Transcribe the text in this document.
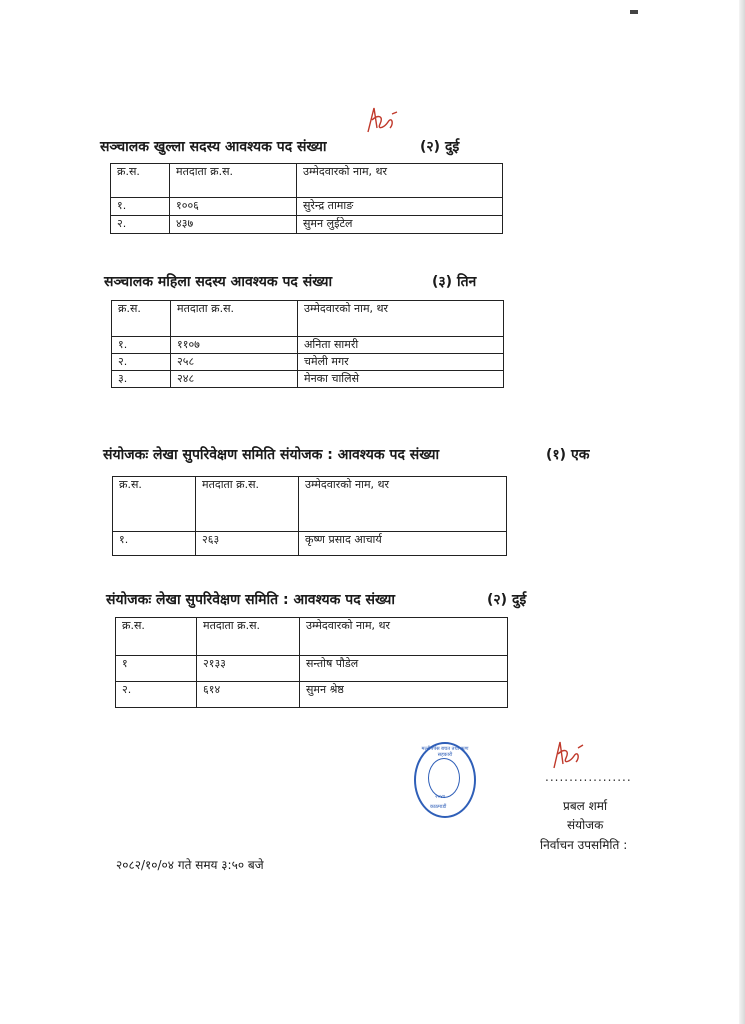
सञ्चालक खुल्ला सदस्य आवश्यक पद संख्या	(२) दुई
क्र.स.	मतदाता क्र.स.	उम्मेदवारको नाम, थर
१.	१००६	सुरेन्द्र तामाङ
२.	४३७	सुमन लुईटेल
सञ्चालक महिला सदस्य आवश्यक पद संख्या	(३) तिन
क्र.स.	मतदाता क्र.स.	उम्मेदवारको नाम, थर
१.	११०७	अनिता सामरी
२.	२५८	चमेली मगर
३.	२४८	मेनका चालिसे
संयोजकः लेखा सुपरिवेक्षण समिति संयोजक : आवश्यक पद संख्या	(१) एक
क्र.स.	मतदाता क्र.स.	उम्मेदवारको नाम, थर
१.	२६३	कृष्ण प्रसाद आचार्य
संयोजकः लेखा सुपरिवेक्षण समिति : आवश्यक पद संख्या	(२) दुई
क्र.स.	मतदाता क्र.स.	उम्मेदवारको नाम, थर
१	२१३३	सन्तोष पौडेल
२.	६१४	सुमन श्रेष्ठ
मल्टीपर्पस बचत तथा ऋण सहकारी
२०४९
काठमाडौं
..................
प्रबल शर्मा
संयोजक
निर्वाचन उपसमिति :
२०८२/१०/०४ गते समय ३:५० बजे
